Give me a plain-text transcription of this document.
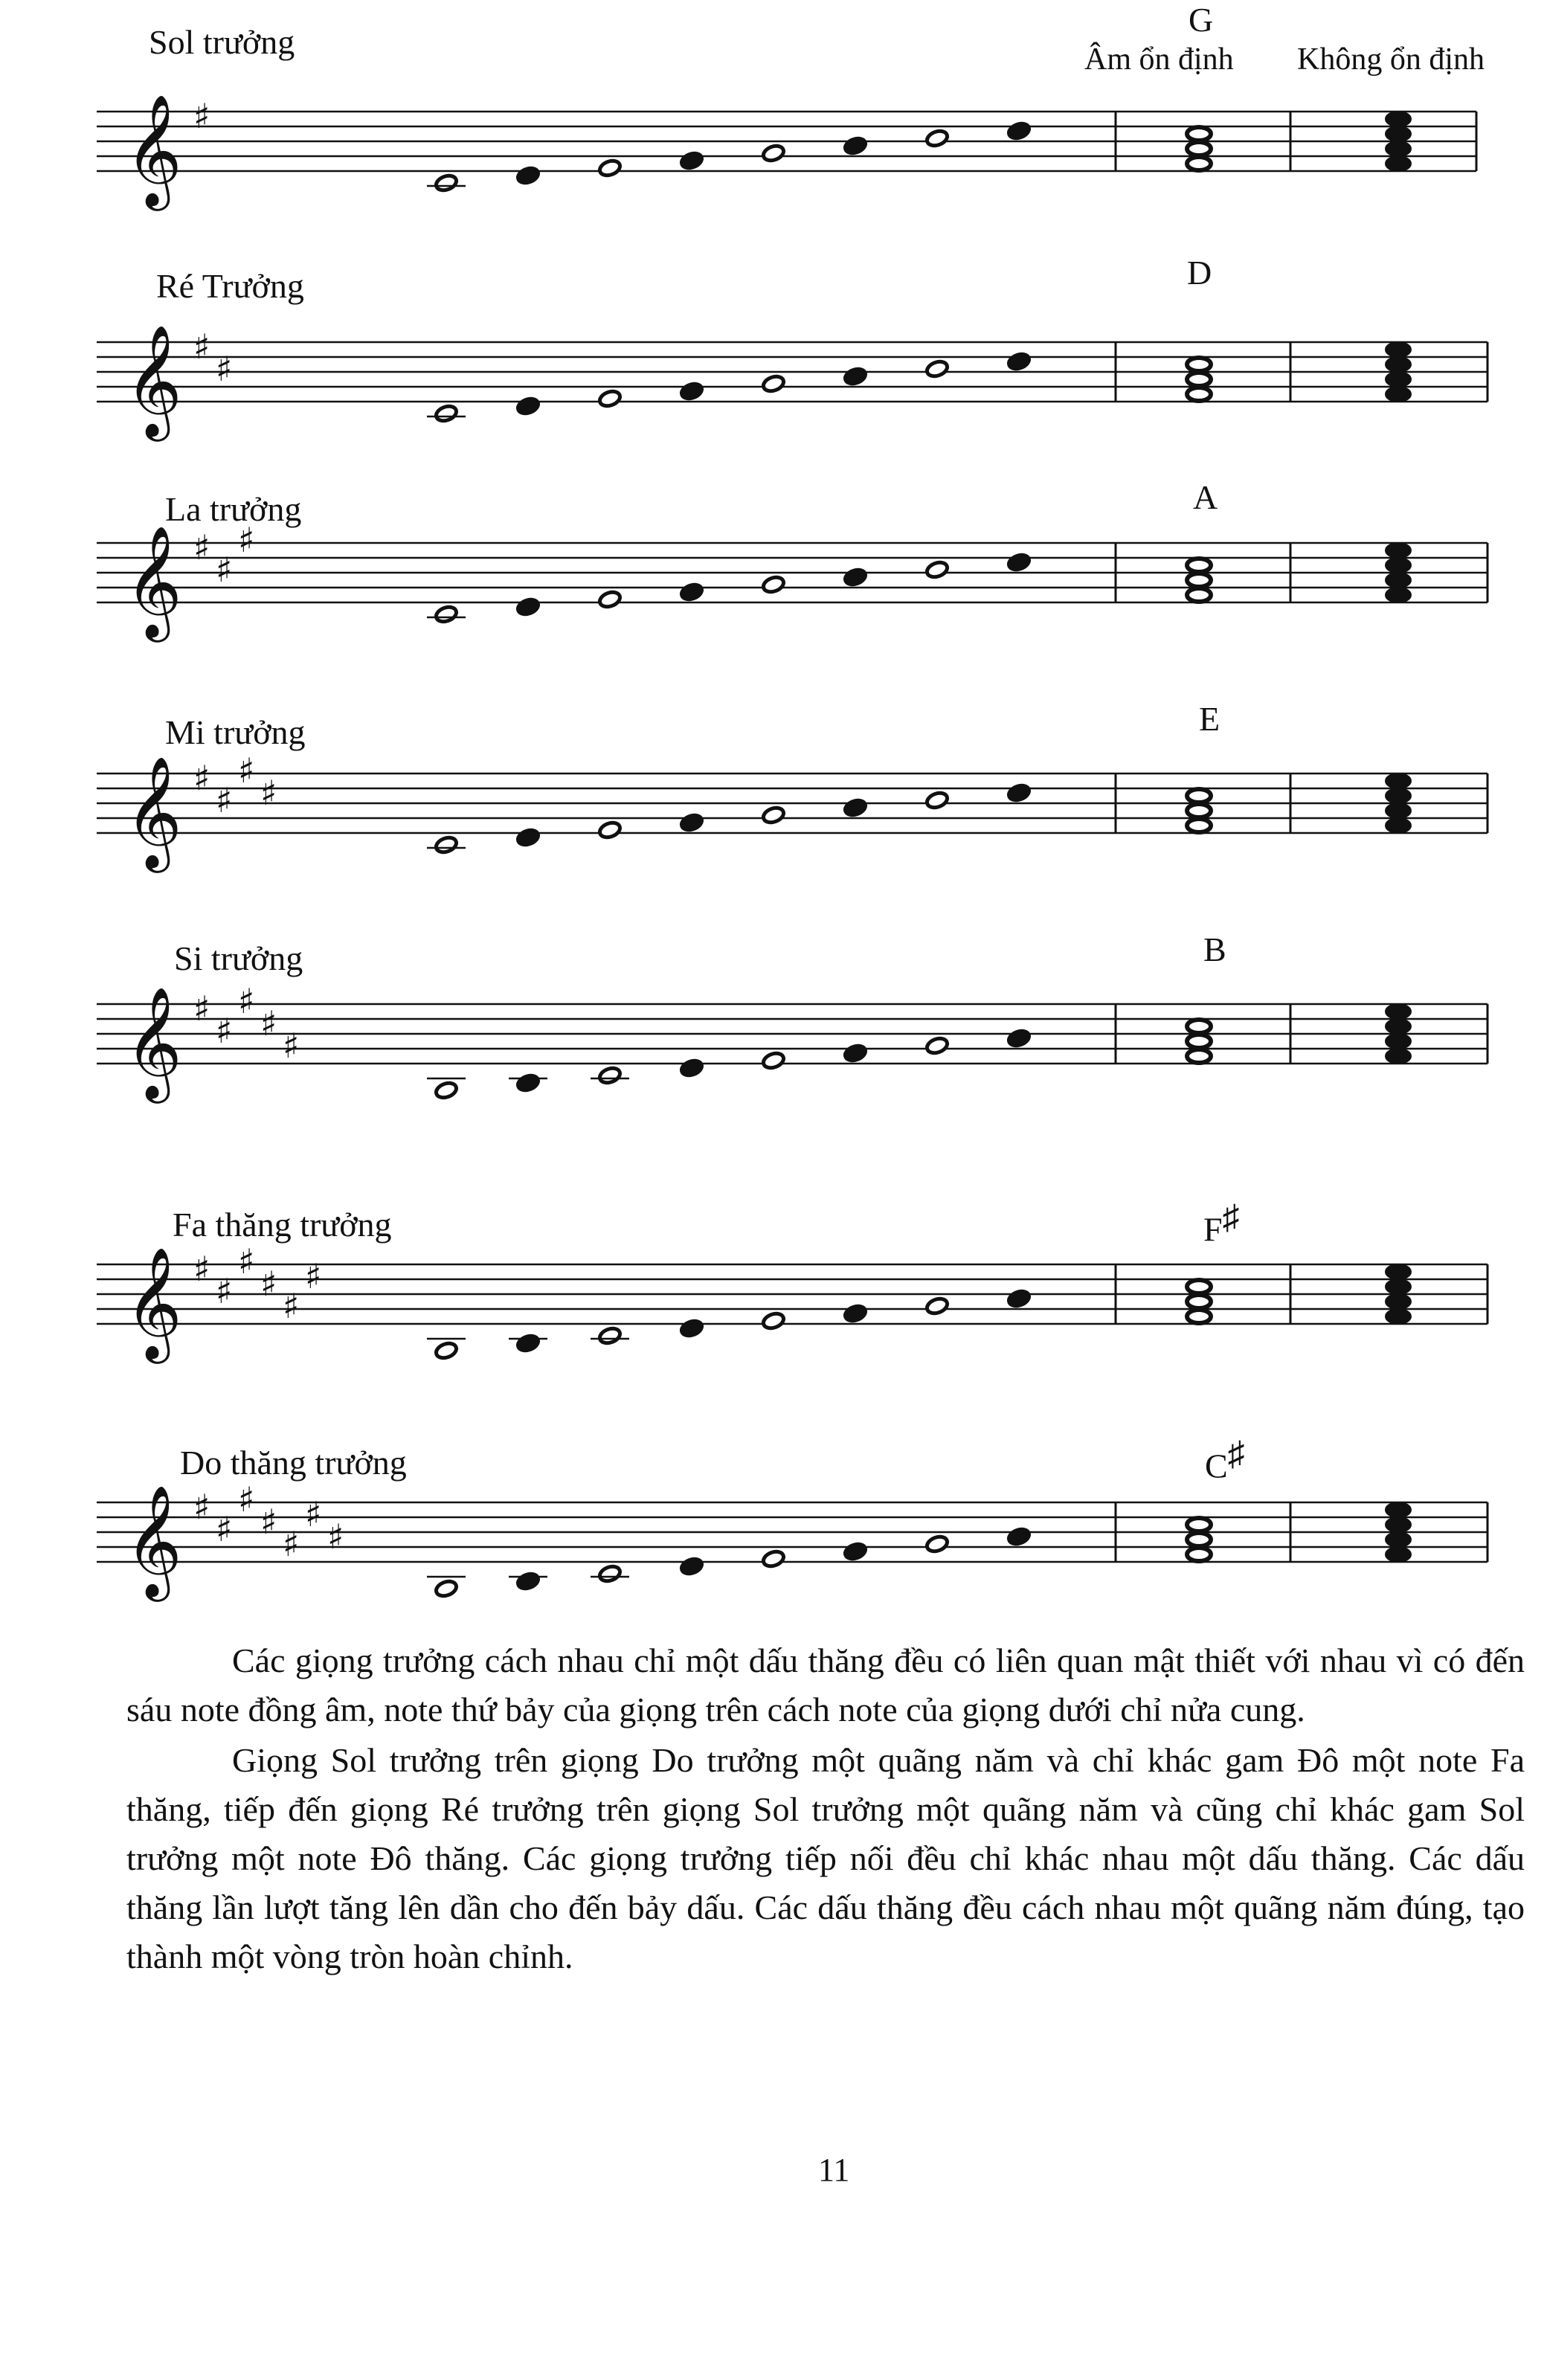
Sol trưởng
Ré Trưởng
La trưởng
Mi trưởng
Si trưởng
Fa thăng trưởng
Do thăng trưởng
Âm ổn định Không ổn định
G
D
A
E
B
F♯
C♯
𝄞 ♯
𝄞 ♯
♯
𝄞 ♯
♯
♯
𝄞 ♯
♯
♯
♯
𝄞 ♯
♯
♯
♯
♯
𝄞 ♯
♯
♯
♯
♯
♯
𝄞 ♯
♯
♯
♯
♯
♯
♯

Các giọng trưởng cách nhau chỉ một dấu thăng đều có liên quan mật thiết với nhau vì có đến sáu note đồng âm, note thứ bảy của giọng trên cách note của giọng dưới chỉ nửa cung.

Giọng Sol trưởng trên giọng Do trưởng một quãng năm và chỉ khác gam Đô một note Fa thăng, tiếp đến giọng Ré trưởng trên giọng Sol trưởng một quãng năm và cũng chỉ khác gam Sol trưởng một note Đô thăng. Các giọng trưởng tiếp nối đều chỉ khác nhau một dấu thăng. Các dấu thăng lần lượt tăng lên dần cho đến bảy dấu. Các dấu thăng đều cách nhau một quãng năm đúng, tạo thành một vòng tròn hoàn chỉnh.

11
